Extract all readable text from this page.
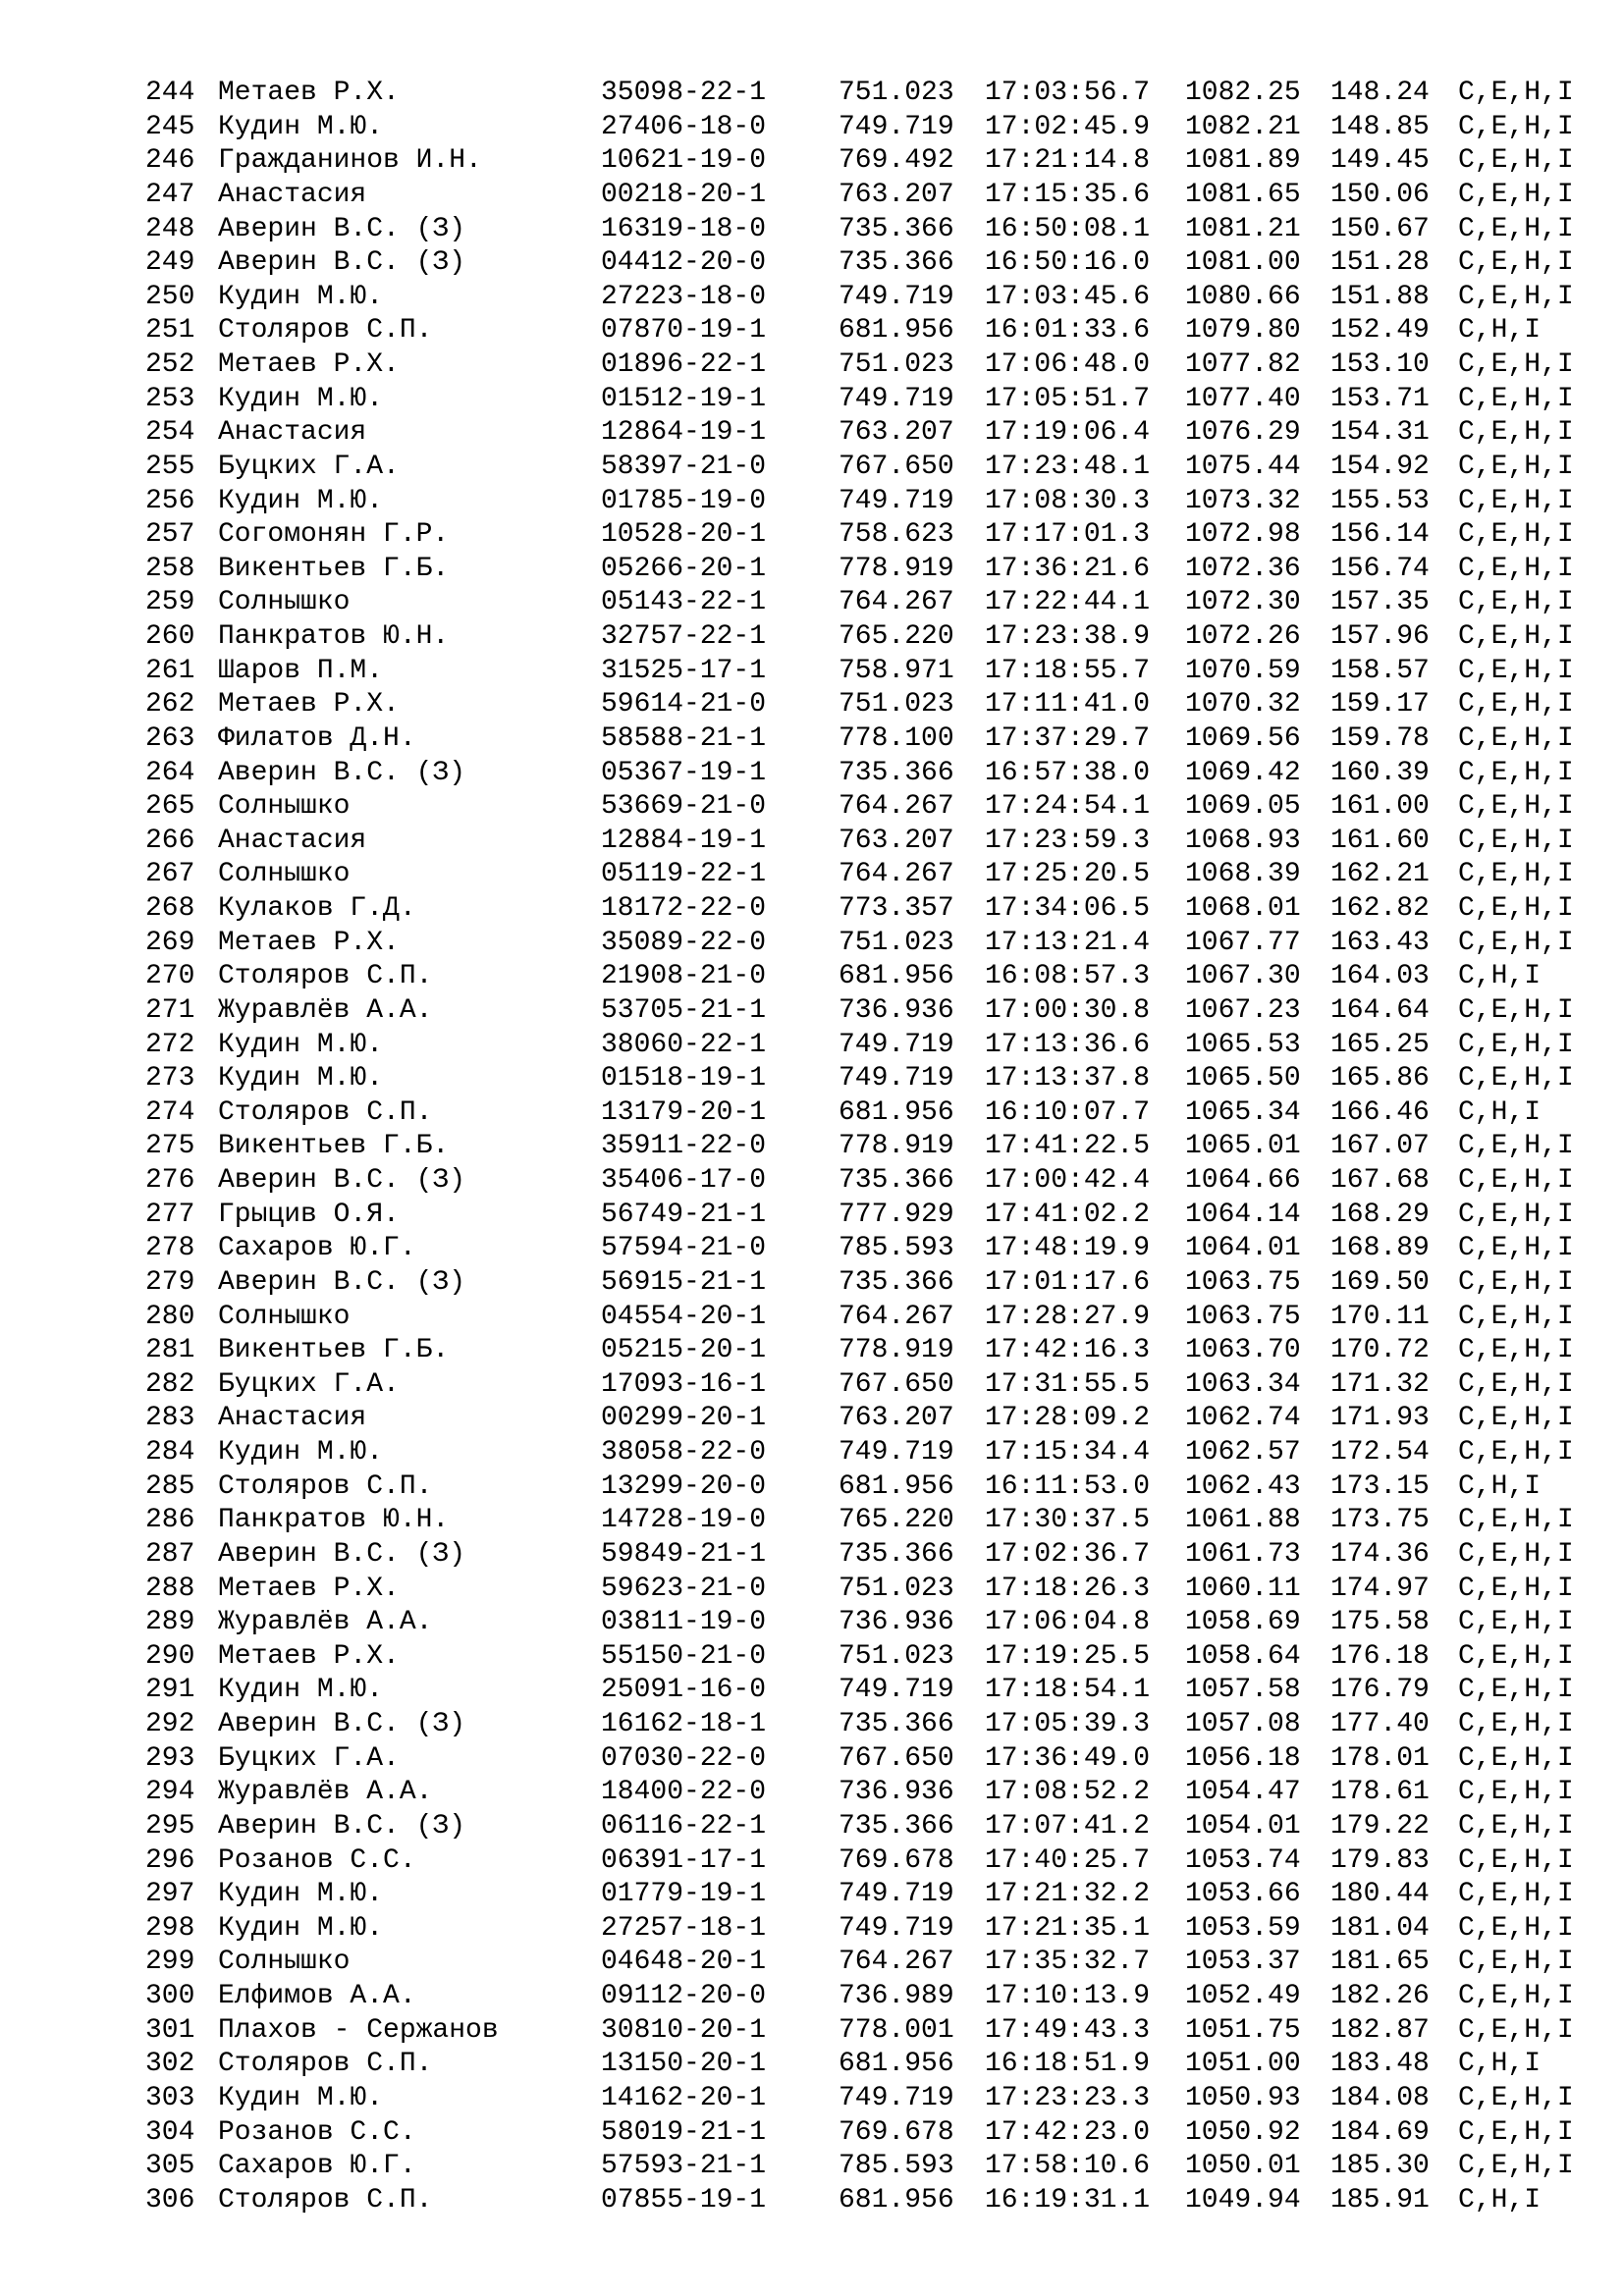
244 Метаев Р.Х.	35098-22-1	751.023 17:03:56.7 1082.25 148.24 C,E,H,I
245 Кудин М.Ю.	27406-18-0	749.719 17:02:45.9 1082.21 148.85 C,E,H,I
246 Гражданинов И.Н.	10621-19-0	769.492 17:21:14.8 1081.89 149.45 C,E,H,I
247 Анастасия	00218-20-1	763.207 17:15:35.6 1081.65 150.06 C,E,H,I
248 Аверин В.С. (З)	16319-18-0	735.366 16:50:08.1 1081.21 150.67 C,E,H,I
249 Аверин В.С. (З)	04412-20-0	735.366 16:50:16.0 1081.00 151.28 C,E,H,I
250 Кудин М.Ю.	27223-18-0	749.719 17:03:45.6 1080.66 151.88 C,E,H,I
251 Столяров С.П.	07870-19-1	681.956 16:01:33.6 1079.80 152.49 C,H,I
252 Метаев Р.Х.	01896-22-1	751.023 17:06:48.0 1077.82 153.10 C,E,H,I
253 Кудин М.Ю.	01512-19-1	749.719 17:05:51.7 1077.40 153.71 C,E,H,I
254 Анастасия	12864-19-1	763.207 17:19:06.4 1076.29 154.31 C,E,H,I
255 Буцких Г.А.	58397-21-0	767.650 17:23:48.1 1075.44 154.92 C,E,H,I
256 Кудин М.Ю.	01785-19-0	749.719 17:08:30.3 1073.32 155.53 C,E,H,I
257 Согомонян Г.Р.	10528-20-1	758.623 17:17:01.3 1072.98 156.14 C,E,H,I
258 Викентьев Г.Б.	05266-20-1	778.919 17:36:21.6 1072.36 156.74 C,E,H,I
259 Солнышко	05143-22-1	764.267 17:22:44.1 1072.30 157.35 C,E,H,I
260 Панкратов Ю.Н.	32757-22-1	765.220 17:23:38.9 1072.26 157.96 C,E,H,I
261 Шаров П.М.	31525-17-1	758.971 17:18:55.7 1070.59 158.57 C,E,H,I
262 Метаев Р.Х.	59614-21-0	751.023 17:11:41.0 1070.32 159.17 C,E,H,I
263 Филатов Д.Н.	58588-21-1	778.100 17:37:29.7 1069.56 159.78 C,E,H,I
264 Аверин В.С. (З)	05367-19-1	735.366 16:57:38.0 1069.42 160.39 C,E,H,I
265 Солнышко	53669-21-0	764.267 17:24:54.1 1069.05 161.00 C,E,H,I
266 Анастасия	12884-19-1	763.207 17:23:59.3 1068.93 161.60 C,E,H,I
267 Солнышко	05119-22-1	764.267 17:25:20.5 1068.39 162.21 C,E,H,I
268 Кулаков Г.Д.	18172-22-0	773.357 17:34:06.5 1068.01 162.82 C,E,H,I
269 Метаев Р.Х.	35089-22-0	751.023 17:13:21.4 1067.77 163.43 C,E,H,I
270 Столяров С.П.	21908-21-0	681.956 16:08:57.3 1067.30 164.03 C,H,I
271 Журавлёв А.А.	53705-21-1	736.936 17:00:30.8 1067.23 164.64 C,E,H,I
272 Кудин М.Ю.	38060-22-1	749.719 17:13:36.6 1065.53 165.25 C,E,H,I
273 Кудин М.Ю.	01518-19-1	749.719 17:13:37.8 1065.50 165.86 C,E,H,I
274 Столяров С.П.	13179-20-1	681.956 16:10:07.7 1065.34 166.46 C,H,I
275 Викентьев Г.Б.	35911-22-0	778.919 17:41:22.5 1065.01 167.07 C,E,H,I
276 Аверин В.С. (З)	35406-17-0	735.366 17:00:42.4 1064.66 167.68 C,E,H,I
277 Грыцив О.Я.	56749-21-1	777.929 17:41:02.2 1064.14 168.29 C,E,H,I
278 Сахаров Ю.Г.	57594-21-0	785.593 17:48:19.9 1064.01 168.89 C,E,H,I
279 Аверин В.С. (З)	56915-21-1	735.366 17:01:17.6 1063.75 169.50 C,E,H,I
280 Солнышко	04554-20-1	764.267 17:28:27.9 1063.75 170.11 C,E,H,I
281 Викентьев Г.Б.	05215-20-1	778.919 17:42:16.3 1063.70 170.72 C,E,H,I
282 Буцких Г.А.	17093-16-1	767.650 17:31:55.5 1063.34 171.32 C,E,H,I
283 Анастасия	00299-20-1	763.207 17:28:09.2 1062.74 171.93 C,E,H,I
284 Кудин М.Ю.	38058-22-0	749.719 17:15:34.4 1062.57 172.54 C,E,H,I
285 Столяров С.П.	13299-20-0	681.956 16:11:53.0 1062.43 173.15 C,H,I
286 Панкратов Ю.Н.	14728-19-0	765.220 17:30:37.5 1061.88 173.75 C,E,H,I
287 Аверин В.С. (З)	59849-21-1	735.366 17:02:36.7 1061.73 174.36 C,E,H,I
288 Метаев Р.Х.	59623-21-0	751.023 17:18:26.3 1060.11 174.97 C,E,H,I
289 Журавлёв А.А.	03811-19-0	736.936 17:06:04.8 1058.69 175.58 C,E,H,I
290 Метаев Р.Х.	55150-21-0	751.023 17:19:25.5 1058.64 176.18 C,E,H,I
291 Кудин М.Ю.	25091-16-0	749.719 17:18:54.1 1057.58 176.79 C,E,H,I
292 Аверин В.С. (З)	16162-18-1	735.366 17:05:39.3 1057.08 177.40 C,E,H,I
293 Буцких Г.А.	07030-22-0	767.650 17:36:49.0 1056.18 178.01 C,E,H,I
294 Журавлёв А.А.	18400-22-0	736.936 17:08:52.2 1054.47 178.61 C,E,H,I
295 Аверин В.С. (З)	06116-22-1	735.366 17:07:41.2 1054.01 179.22 C,E,H,I
296 Розанов С.С.	06391-17-1	769.678 17:40:25.7 1053.74 179.83 C,E,H,I
297 Кудин М.Ю.	01779-19-1	749.719 17:21:32.2 1053.66 180.44 C,E,H,I
298 Кудин М.Ю.	27257-18-1	749.719 17:21:35.1 1053.59 181.04 C,E,H,I
299 Солнышко	04648-20-1	764.267 17:35:32.7 1053.37 181.65 C,E,H,I
300 Елфимов А.А.	09112-20-0	736.989 17:10:13.9 1052.49 182.26 C,E,H,I
301 Плахов - Сержанов	30810-20-1	778.001 17:49:43.3 1051.75 182.87 C,E,H,I
302 Столяров С.П.	13150-20-1	681.956 16:18:51.9 1051.00 183.48 C,H,I
303 Кудин М.Ю.	14162-20-1	749.719 17:23:23.3 1050.93 184.08 C,E,H,I
304 Розанов С.С.	58019-21-1	769.678 17:42:23.0 1050.92 184.69 C,E,H,I
305 Сахаров Ю.Г.	57593-21-1	785.593 17:58:10.6 1050.01 185.30 C,E,H,I
306 Столяров С.П.	07855-19-1	681.956 16:19:31.1 1049.94 185.91 C,H,I
